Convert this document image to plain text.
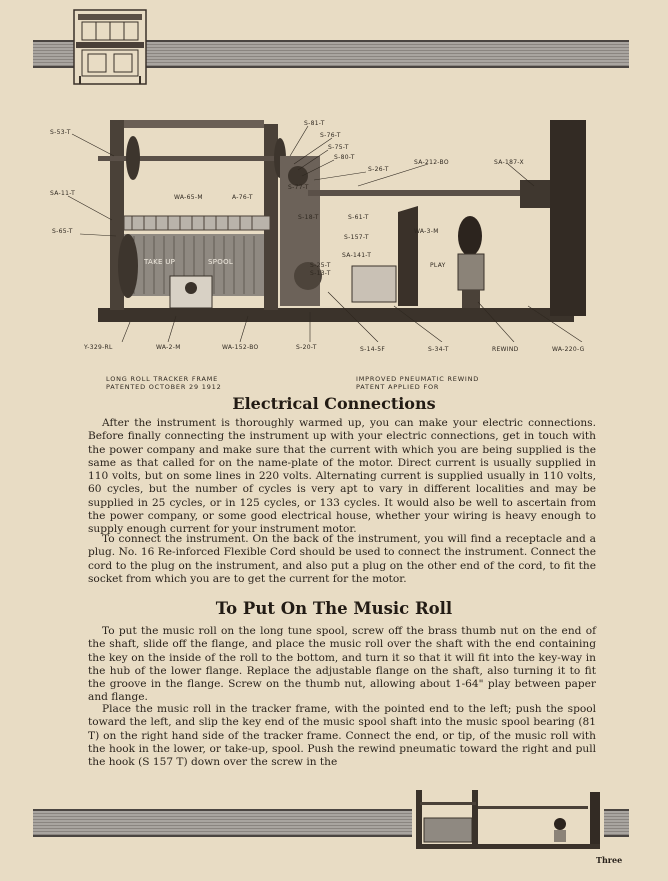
S-53-T
S-81-T
S-76-T
S-75-T
S-80-T
S-26-T
SA-212-BO	SA-187-X
SA-11-T
WA-65-M	A-76-T
S-77-T
S-18-T	S-61-T
WA-3-M
S-65-T
S-157-T
SA-141-T
S-25-T
S-13-T
PLAY
TAKE UP	SPOOL
Y-329-RL	WA-2-M	WA-152-BO	S-20-T	S-14-5F	S-34-T	REWIND	WA-220-G
LONG ROLL TRACKER FRAME
PATENTED OCTOBER 29 1912
IMPROVED PNEUMATIC REWIND
PATENT APPLIED FOR
Electrical Connections

After the instrument is thoroughly warmed up, you can make your electric connections. Before finally connecting the instrument up with your electric connections, get in touch with the power company and make sure that the current with which you are being supplied is the same as that called for on the name-plate of the motor. Direct current is usually supplied in 110 volts, but on some lines in 220 volts. Alternating current is supplied usually in 110 volts, 60 cycles, but the number of cycles is very apt to vary in different localities and may be supplied in 25 cycles, or in 125 cycles, or 133 cycles. It would also be well to ascertain from the power company, or some good electrical house, whether your wiring is heavy enough to supply enough current for your instrument motor.

To connect the instrument. On the back of the instrument, you will find a receptacle and a plug. No. 16 Re-inforced Flexible Cord should be used to connect the instrument. Connect the cord to the plug on the instrument, and also put a plug on the other end of the cord, to fit the socket from which you are to get the current for the motor.

To Put On The Music Roll

To put the music roll on the long tune spool, screw off the brass thumb nut on the end of the shaft, slide off the flange, and place the music roll over the shaft with the end containing the key on the inside of the roll to the bottom, and turn it so that it will fit into the key-way in the hub of the lower flange. Replace the adjustable flange on the shaft, also turning it to fit the groove in the flange. Screw on the thumb nut, allowing about 1-64" play between paper and flange.

Place the music roll in the tracker frame, with the pointed end to the left; push the spool toward the left, and slip the key end of the music spool shaft into the music spool bearing (81 T) on the right hand side of the tracker frame. Connect the end, or tip, of the music roll with the hook in the lower, or take-up, spool. Push the rewind pneumatic toward the right and pull the hook (S 157 T) down over the screw in the

Three
